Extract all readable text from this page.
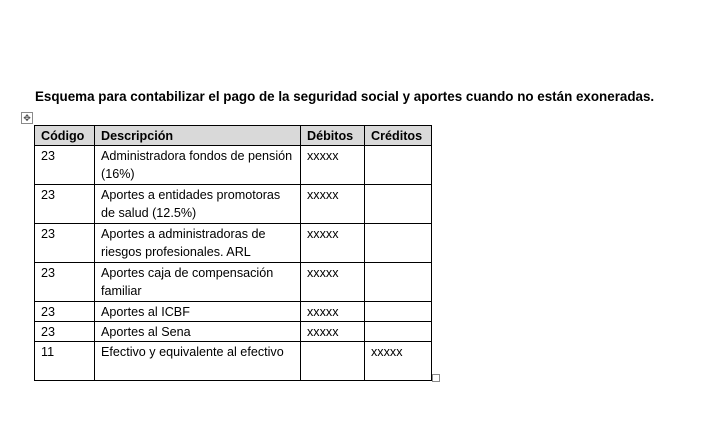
Esquema para contabilizar el pago de la seguridad social y aportes cuando no están exoneradas.
✥
Código	Descripción	Débitos	Créditos
23	Administradora fondos de pensión (16%)	xxxxx	
23	Aportes a entidades promotoras de salud (12.5%)	xxxxx	
23	Aportes a administradoras de riesgos profesionales. ARL	xxxxx	
23	Aportes caja de compensación familiar	xxxxx	
23	Aportes al ICBF	xxxxx	
23	Aportes al Sena	xxxxx	
11	Efectivo y equivalente al efectivo		xxxxx
